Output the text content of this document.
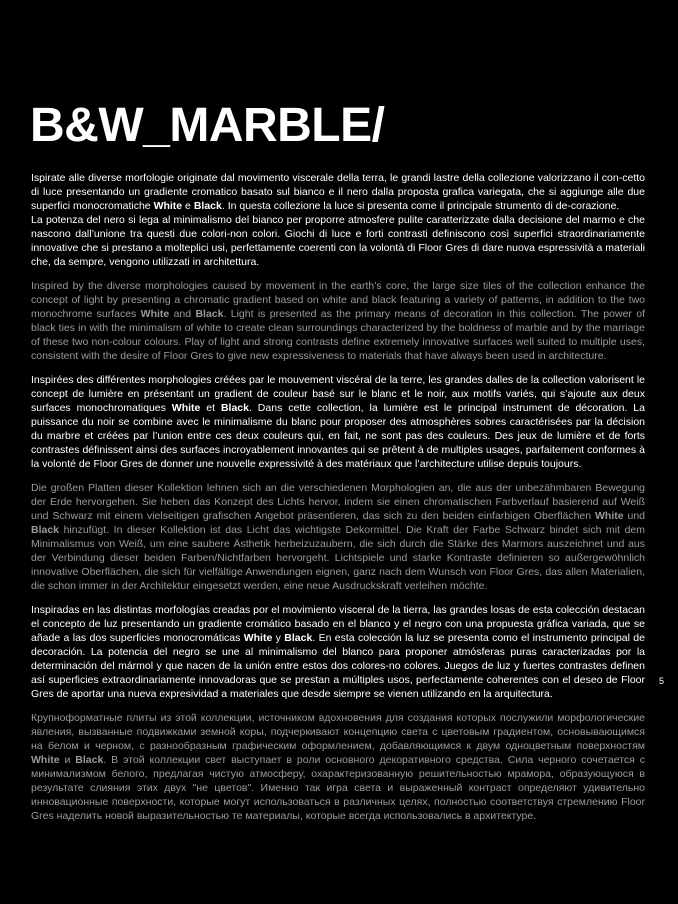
B&W_MARBLE/

Ispirate alle diverse morfologie originate dal movimento viscerale della terra, le grandi lastre della collezione valorizzano il con-cetto di luce presentando un gradiente cromatico basato sul bianco e il nero dalla proposta grafica variegata, che si aggiunge alle due superfici monocromatiche White e Black. In questa collezione la luce si presenta come il principale strumento di de-corazione.

La potenza del nero si lega al minimalismo del bianco per proporre atmosfere pulite caratterizzate dalla decisione del marmo e che nascono dall’unione tra questi due colori-non colori. Giochi di luce e forti contrasti definiscono così superfici straordinariamente innovative che si prestano a molteplici usi, perfettamente coerenti con la volontà di Floor Gres di dare nuova espressività a materiali che, da sempre, vengono utilizzati in architettura.

Inspired by the diverse morphologies caused by movement in the earth’s core, the large size tiles of the collection enhance the concept of light by presenting a chromatic gradient based on white and black featuring a variety of patterns, in addition to the two monochrome surfaces White and Black. Light is presented as the primary means of decoration in this collection. The power of black ties in with the minimalism of white to create clean surroundings characterized by the boldness of marble and by the marriage of these two non-colour colours. Play of light and strong contrasts define extremely innovative surfaces well suited to multiple uses, consistent with the desire of Floor Gres to give new expressiveness to materials that have always been used in architecture.

Inspirées des différentes morphologies créées par le mouvement viscéral de la terre, les grandes dalles de la collection valorisent le concept de lumière en présentant un gradient de couleur basé sur le blanc et le noir, aux motifs variés, qui s’ajoute aux deux surfaces monochromatiques White et Black. Dans cette collection, la lumière est le principal instrument de décoration. La puissance du noir se combine avec le minimalisme du blanc pour proposer des atmosphères sobres caractérisées par la décision du marbre et créées par l’union entre ces deux couleurs qui, en fait, ne sont pas des couleurs. Des jeux de lumière et de forts contrastes définissent ainsi des surfaces incroyablement innovantes qui se prêtent à de multiples usages, parfaitement conformes à la volonté de Floor Gres de donner une nouvelle expressivité à des matériaux que l’architecture utilise depuis toujours.

Die großen Platten dieser Kollektion lehnen sich an die verschiedenen Morphologien an, die aus der unbezähmbaren Bewegung der Erde hervorgehen. Sie heben das Konzept des Lichts hervor, indem sie einen chromatischen Farbverlauf basierend auf Weiß und Schwarz mit einem vielseitigen grafischen Angebot präsentieren, das sich zu den beiden einfarbigen Oberflächen White und Black hinzufügt. In dieser Kollektion ist das Licht das wichtigste Dekormittel. Die Kraft der Farbe Schwarz bindet sich mit dem Minimalismus von Weiß, um eine saubere Ästhetik herbeizuzaubern, die sich durch die Stärke des Marmors auszeichnet und aus der Verbindung dieser beiden Farben/Nichtfarben hervorgeht. Lichtspiele und starke Kontraste definieren so außergewöhnlich innovative Oberflächen, die sich für vielfältige Anwendungen eignen, ganz nach dem Wunsch von Floor Gres, das allen Materialien, die schon immer in der Architektur eingesetzt werden, eine neue Ausdruckskraft verleihen möchte.

Inspiradas en las distintas morfologías creadas por el movimiento visceral de la tierra, las grandes losas de esta colección destacan el concepto de luz presentando un gradiente cromático basado en el blanco y el negro con una propuesta gráfica variada, que se añade a las dos superficies monocromáticas White y Black. En esta colección la luz se presenta como el instrumento principal de decoración. La potencia del negro se une al minimalismo del blanco para proponer atmósferas puras caracterizadas por la determinación del mármol y que nacen de la unión entre estos dos colores-no colores. Juegos de luz y fuertes contrastes definen así superficies extraordinariamente innovadoras que se prestan a múltiples usos, perfectamente coherentes con el deseo de Floor Gres de aportar una nueva expresividad a materiales que desde siempre se vienen utilizando en la arquitectura.

Крупноформатные плиты из этой коллекции, источником вдохновения для создания которых послужили морфологические явления, вызванные подвижками земной коры, подчеркивают концепцию света с цветовым градиентом, основывающимся на белом и черном, с разнообразным графическим оформлением, добавляющимся к двум одноцветным поверхностям White и Black. В этой коллекции свет выступает в роли основного декоративного средства. Сила черного сочетается с минимализмом белого, предлагая чистую атмосферу, охарактеризованную решительностью мрамора, образующуюся в результате слияния этих двух "не цветов". Именно так игра света и выраженный контраст определяют удивительно инновационные поверхности, которые могут использоваться в различных целях, полностью соответствуя стремлению Floor Gres наделить новой выразительностью те материалы, которые всегда использовались в архитектуре.

5
